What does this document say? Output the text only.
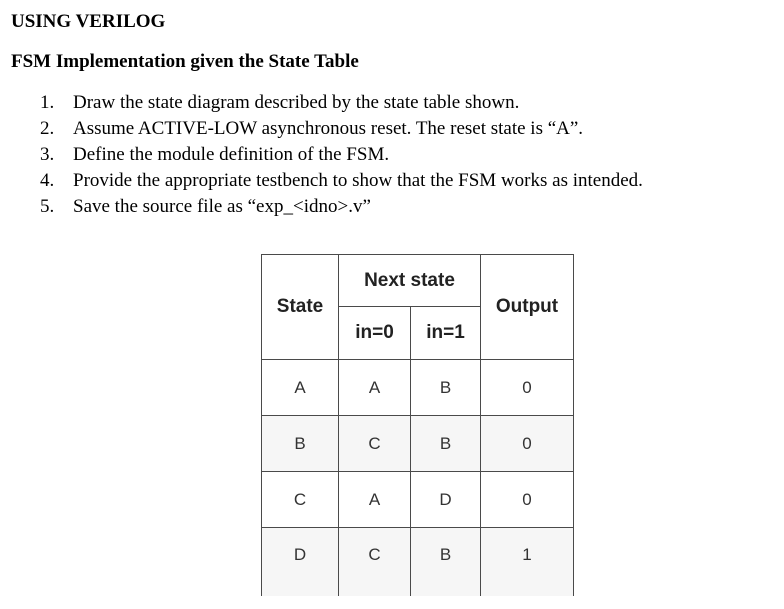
USING VERILOG

FSM Implementation given the State Table

1. Draw the state diagram described by the state table shown.
2. Assume ACTIVE-LOW asynchronous reset. The reset state is “A”.
3. Define the module definition of the FSM.
4. Provide the appropriate testbench to show that the FSM works as intended.
5. Save the source file as “exp_<idno>.v”
State	Next state		Output
	in=0	in=1	
A	A	B	0
B	C	B	0
C	A	D	0
D	C	B	1
